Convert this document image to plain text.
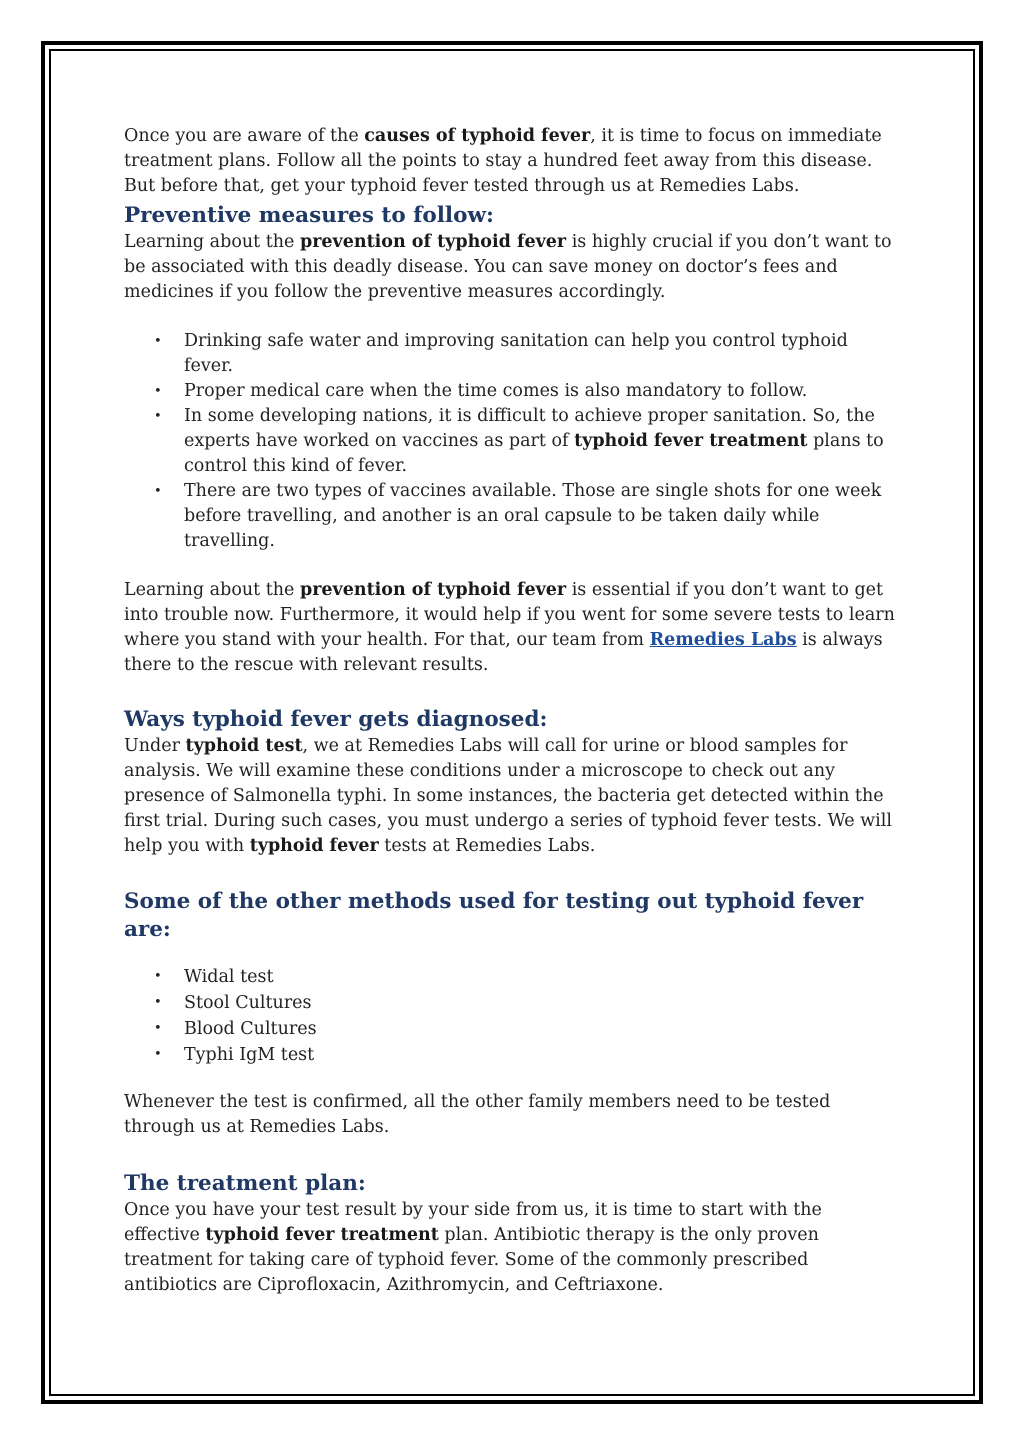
Once you are aware of the causes of typhoid fever, it is time to focus on immediate treatment plans. Follow all the points to stay a hundred feet away from this disease. But before that, get your typhoid fever tested through us at Remedies Labs.

Preventive measures to follow:

Learning about the prevention of typhoid fever is highly crucial if you don’t want to be associated with this deadly disease. You can save money on doctor’s fees and medicines if you follow the preventive measures accordingly.

• Drinking safe water and improving sanitation can help you control typhoid fever.
• Proper medical care when the time comes is also mandatory to follow.
• In some developing nations, it is difficult to achieve proper sanitation. So, the experts have worked on vaccines as part of typhoid fever treatment plans to control this kind of fever.
• There are two types of vaccines available. Those are single shots for one week before travelling, and another is an oral capsule to be taken daily while travelling.

Learning about the prevention of typhoid fever is essential if you don’t want to get into trouble now. Furthermore, it would help if you went for some severe tests to learn where you stand with your health. For that, our team from Remedies Labs is always there to the rescue with relevant results.

Ways typhoid fever gets diagnosed:

Under typhoid test, we at Remedies Labs will call for urine or blood samples for analysis. We will examine these conditions under a microscope to check out any presence of Salmonella typhi. In some instances, the bacteria get detected within the first trial. During such cases, you must undergo a series of typhoid fever tests. We will help you with typhoid fever tests at Remedies Labs.

Some of the other methods used for testing out typhoid fever are:
• Widal test
• Stool Cultures
• Blood Cultures
• Typhi IgM test

Whenever the test is confirmed, all the other family members need to be tested through us at Remedies Labs.

The treatment plan:

Once you have your test result by your side from us, it is time to start with the effective typhoid fever treatment plan. Antibiotic therapy is the only proven treatment for taking care of typhoid fever. Some of the commonly prescribed antibiotics are Ciprofloxacin, Azithromycin, and Ceftriaxone.
